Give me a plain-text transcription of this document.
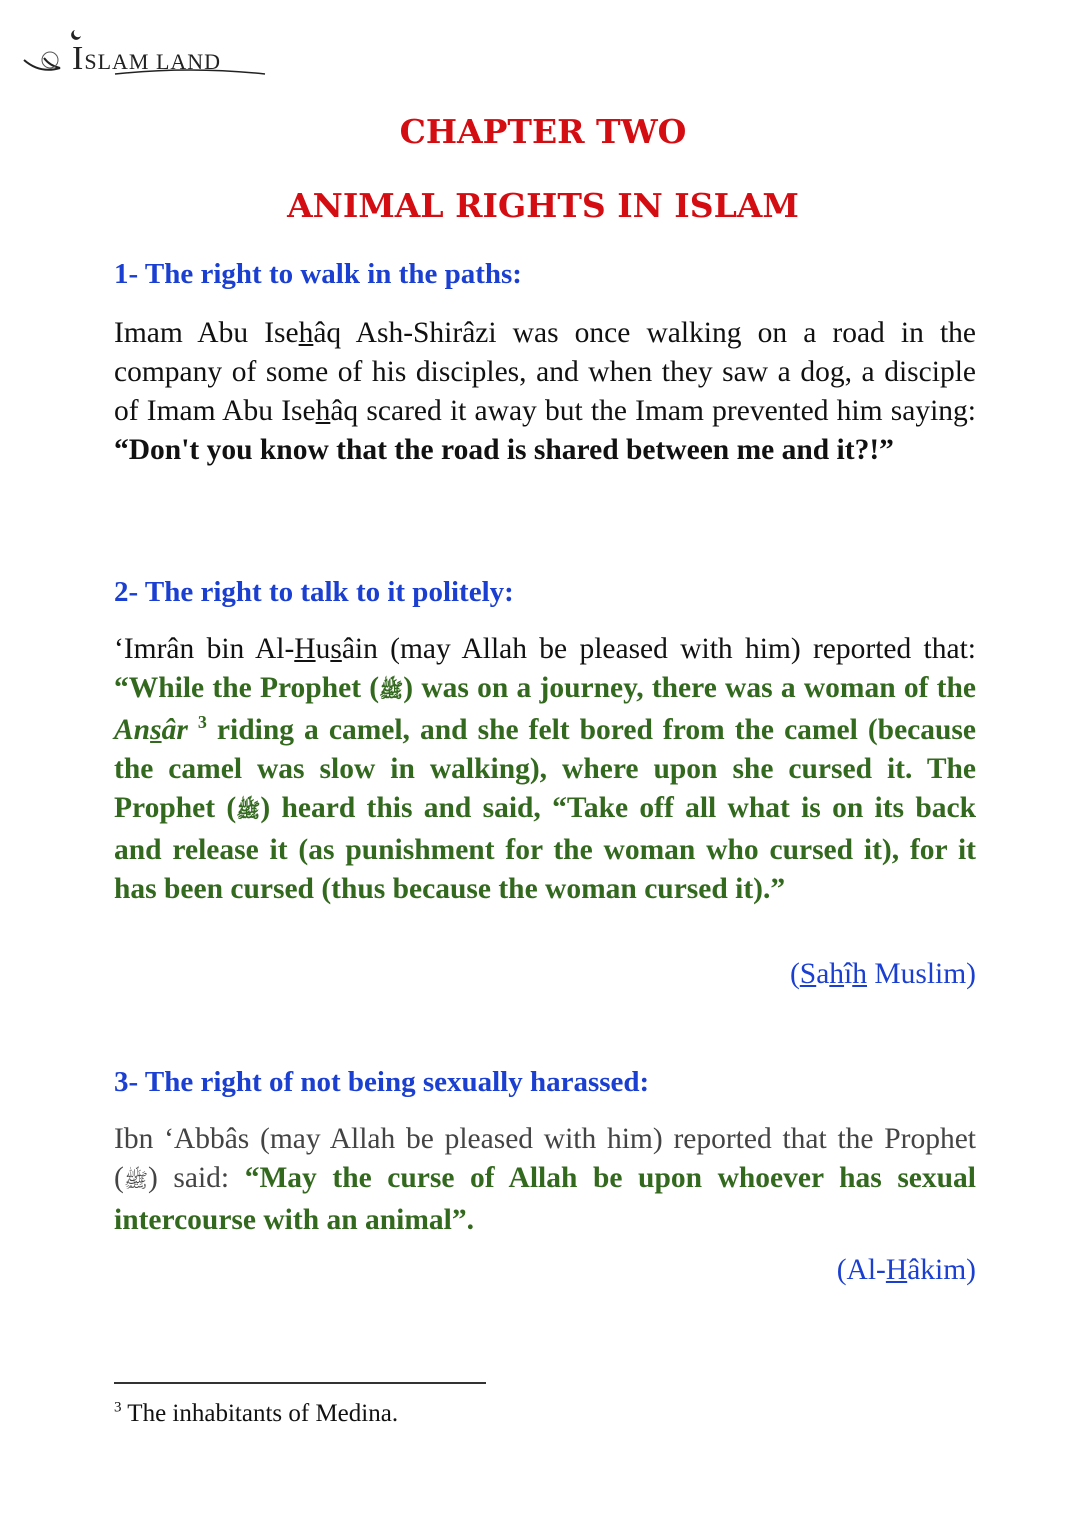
ISLAM LAND
CHAPTER TWO
ANIMAL RIGHTS IN ISLAM
1- The right to walk in the paths:
Imam Abu Isehâq Ash-Shirâzi was once walking on a road in the company of some of his disciples, and when they saw a dog, a disciple of Imam Abu Isehâq scared it away but the Imam prevented him saying: “Don't you know that the road is shared between me and it?!”
2- The right to talk to it politely:
‘Imrân bin Al-Husâin (may Allah be pleased with him) reported that: “While the Prophet (ﷺ) was on a journey, there was a woman of the Ansâr $^3$ riding a camel, and she felt bored from the camel (because the camel was slow in walking), where upon she cursed it. The Prophet (ﷺ) heard this and said, “Take off all what is on its back and release it (as punishment for the woman who cursed it), for it has been cursed (thus because the woman cursed it).”
(Sahîh Muslim)
3- The right of not being sexually harassed:
Ibn ‘Abbâs (may Allah be pleased with him) reported that the Prophet (ﷺ) said: “May the curse of Allah be upon whoever has sexual intercourse with an animal”.
(Al-Hâkim)
$^3$ The inhabitants of Medina.
